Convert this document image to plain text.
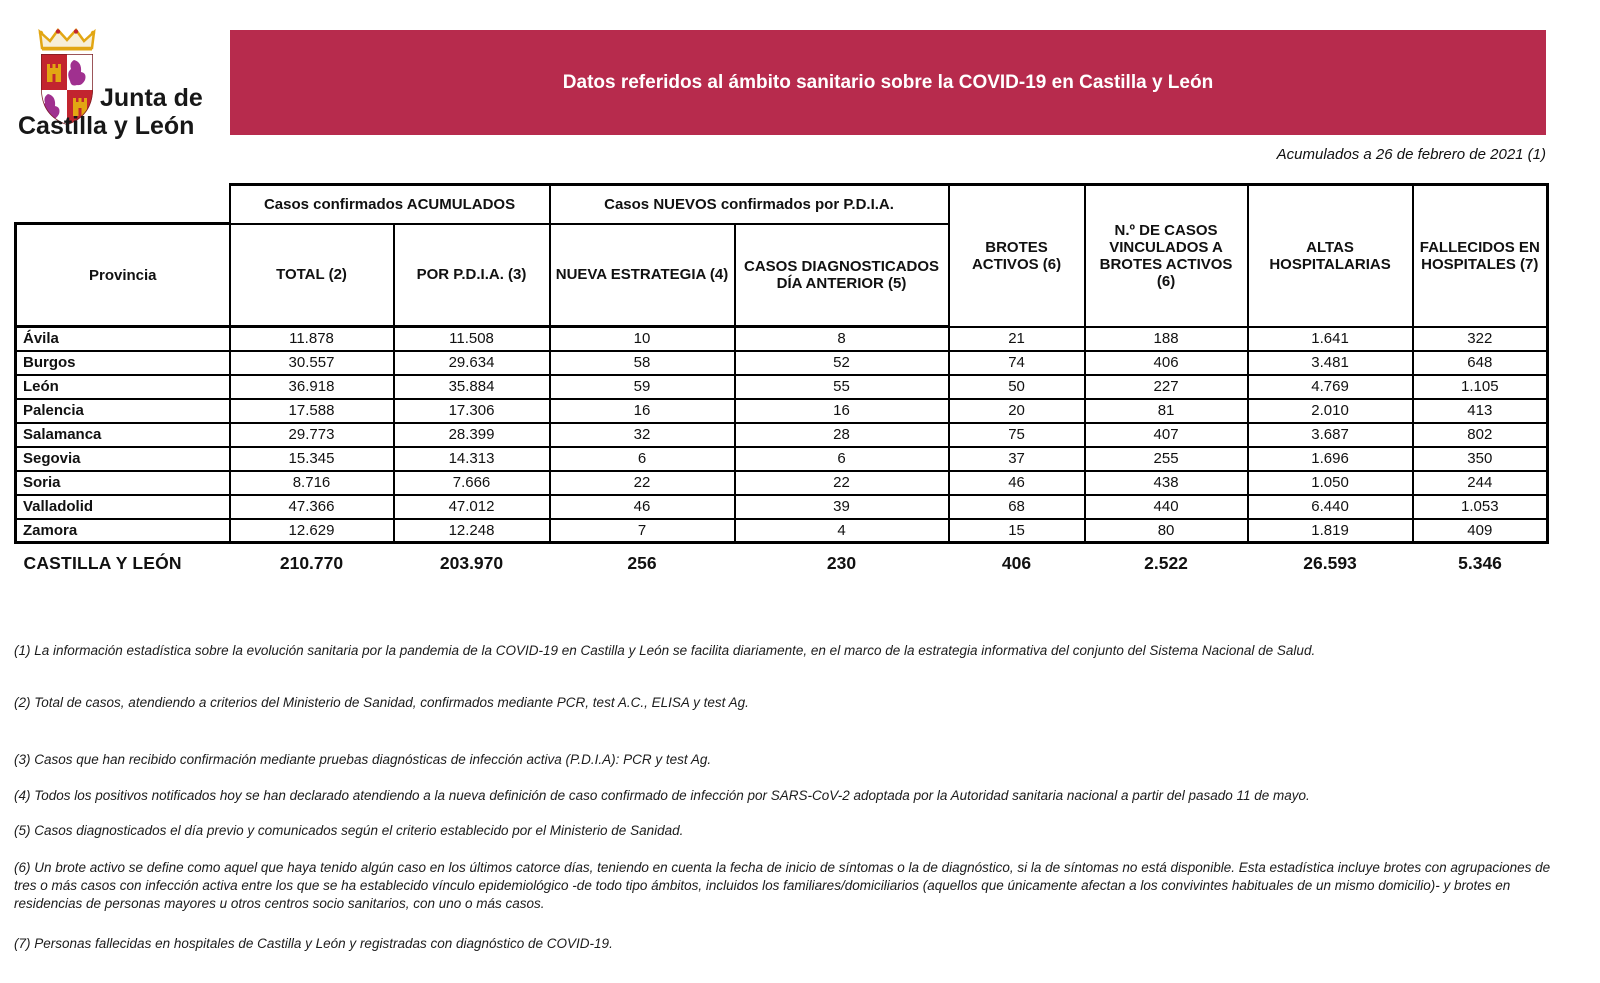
Junta de
Castilla y León
Datos referidos al ámbito sanitario sobre la COVID-19 en Castilla y León
Acumulados a 26 de febrero de 2021 (1)
	Casos confirmados ACUMULADOS		Casos NUEVOS confirmados por P.D.I.A.		BROTES ACTIVOS (6)	N.º DE CASOS VINCULADOS A BROTES ACTIVOS (6)	ALTAS HOSPITALARIAS	FALLECIDOS EN HOSPITALES (7)
Provincia	TOTAL (2)	POR P.D.I.A. (3)	NUEVA ESTRATEGIA (4)	CASOS DIAGNOSTICADOS DÍA ANTERIOR (5)				
Ávila	11.878	11.508	10	8	21	188	1.641	322
Burgos	30.557	29.634	58	52	74	406	3.481	648
León	36.918	35.884	59	55	50	227	4.769	1.105
Palencia	17.588	17.306	16	16	20	81	2.010	413
Salamanca	29.773	28.399	32	28	75	407	3.687	802
Segovia	15.345	14.313	6	6	37	255	1.696	350
Soria	8.716	7.666	22	22	46	438	1.050	244
Valladolid	47.366	47.012	46	39	68	440	6.440	1.053
Zamora	12.629	12.248	7	4	15	80	1.819	409
CASTILLA Y LEÓN	210.770	203.970	256	230	406	2.522	26.593	5.346

(1) La información estadística sobre la evolución sanitaria por la pandemia de la COVID-19 en Castilla y León se facilita diariamente, en el marco de la estrategia informativa del conjunto del Sistema Nacional de Salud.

(2) Total de casos, atendiendo a criterios del Ministerio de Sanidad, confirmados mediante PCR, test A.C., ELISA y test Ag.

(3) Casos que han recibido confirmación mediante pruebas diagnósticas de infección activa (P.D.I.A): PCR y test Ag.

(4) Todos los positivos notificados hoy se han declarado atendiendo a la nueva definición de caso confirmado de infección por SARS-CoV-2 adoptada por la Autoridad sanitaria nacional a partir del pasado 11 de mayo.

(5) Casos diagnosticados el día previo y comunicados según el criterio establecido por el Ministerio de Sanidad.

(6) Un brote activo se define como aquel que haya tenido algún caso en los últimos catorce días, teniendo en cuenta la fecha de inicio de síntomas o la de diagnóstico, si la de síntomas no está disponible. Esta estadística incluye brotes con agrupaciones de tres o más casos con infección activa entre los que se ha establecido vínculo epidemiológico -de todo tipo ámbitos, incluidos los familiares/domiciliarios (aquellos que únicamente afectan a los convivintes habituales de un mismo domicilio)- y brotes en residencias de personas mayores u otros centros socio sanitarios, con uno o más casos.

(7) Personas fallecidas en hospitales de Castilla y León y registradas con diagnóstico de COVID-19.
